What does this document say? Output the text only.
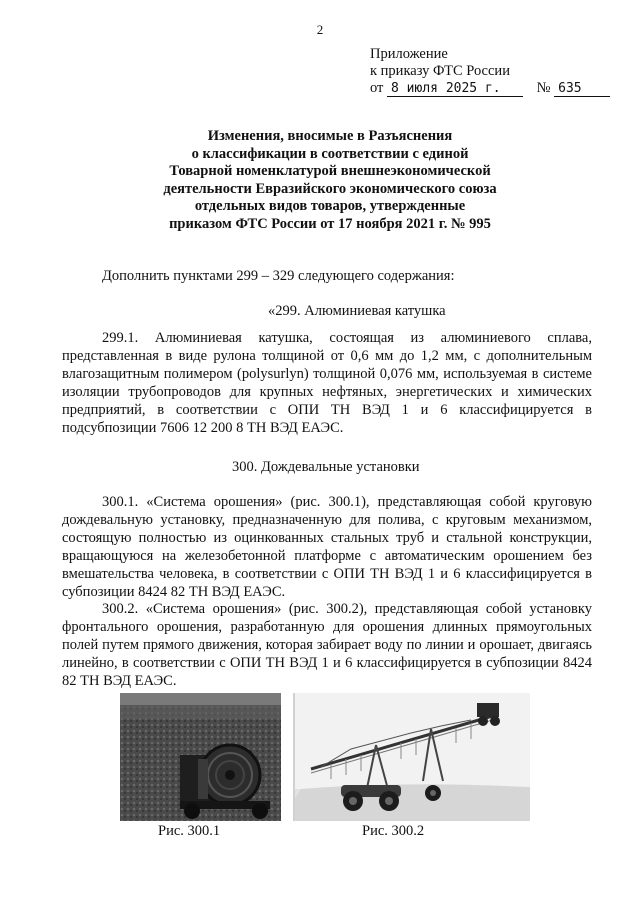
2
Приложение
к приказу ФТС России
от 8 июля 2025 г. № 635
Изменения, вносимые в Разъяснения
о классификации в соответствии с единой
Товарной номенклатурой внешнеэкономической
деятельности Евразийского экономического союза
отдельных видов товаров, утвержденные
приказом ФТС России от 17 ноября 2021 г. № 995
Дополнить пунктами 299 – 329 следующего содержания:
«299. Алюминиевая катушка
299.1. Алюминиевая катушка, состоящая из алюминиевого сплава, представленная в виде рулона толщиной от 0,6 мм до 1,2 мм, с дополнительным влагозащитным полимером (polysurlyn) толщиной 0,076 мм, используемая в системе изоляции трубопроводов для крупных нефтяных, энергетических и химических предприятий, в соответствии с ОПИ ТН ВЭД 1 и 6 классифицируется в подсубпозиции 7606 12 200 8 ТН ВЭД ЕАЭС.
300. Дождевальные установки
300.1. «Система орошения» (рис. 300.1), представляющая собой круговую дождевальную установку, предназначенную для полива, с круговым механизмом, состоящую полностью из оцинкованных стальных труб и стальной конструкции, вращающуюся на железобетонной платформе с автоматическим орошением без вмешательства человека, в соответствии с ОПИ ТН ВЭД 1 и 6 классифицируется в субпозиции 8424 82 ТН ВЭД ЕАЭС.
300.2. «Система орошения» (рис. 300.2), представляющая собой установку фронтального орошения, разработанную для орошения длинных прямоугольных полей путем прямого движения, которая забирает воду по линии и орошает, двигаясь линейно, в соответствии с ОПИ ТН ВЭД 1 и 6 классифицируется в субпозиции 8424 82 ТН ВЭД ЕАЭС.
Рис. 300.1	Рис. 300.2
